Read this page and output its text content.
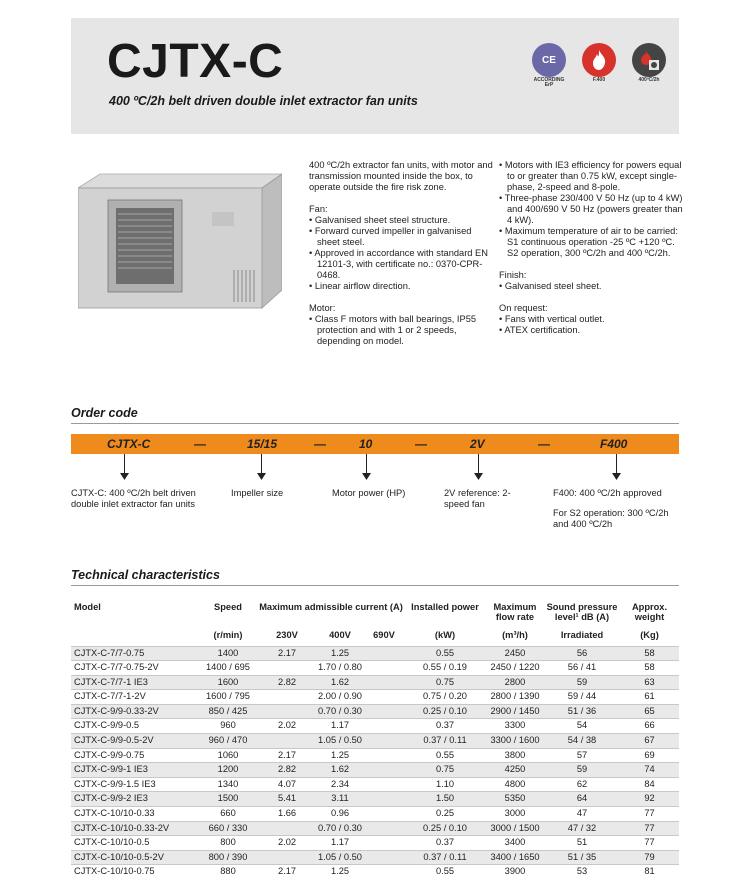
CJTX-C
400 ºC/2h belt driven double inlet extractor fan units
CE
ACCORDING ErP
F.400	400ºC/2h

400 ºC/2h extractor fan units, with motor and transmission mounted inside the box, to operate outside the fire risk zone.

Fan:
• Galvanised sheet steel structure.
• Forward curved impeller in galvanised sheet steel.
• Approved in accordance with standard EN 12101-3, with certificate no.: 0370-CPR-0468.
• Linear airflow direction.
Motor:
• Class F motors with ball bearings, IP55 protection and with 1 or 2 speeds, depending on model.
• Motors with IE3 efficiency for powers equal to or greater than 0.75 kW, except single-phase, 2-speed and 8-pole.
• Three-phase 230/400 V 50 Hz (up to 4 kW) and 400/690 V 50 Hz (powers greater than 4 kW).
• Maximum temperature of air to be carried: S1 continuous operation -25 ºC +120 ºC. S2 operation, 300 ºC/2h and 400 ºC/2h.
Finish:
• Galvanised steel sheet.
On request:
• Fans with vertical outlet.
• ATEX certification.
Order code
CJTX-C	—	15/15	—	10	—	2V	—	F400
CJTX-C: 400 ºC/2h belt driven double inlet extractor fan units
Impeller size	Motor power (HP)	2V reference: 2-speed fan
F400: 400 ºC/2h approved
For S2 operation: 300 ºC/2h and 400 ºC/2h
Technical characteristics
Model	Speed	Maximum admissible current (A)			Installed power	Maximum flow rate	Sound pressure level¹ dB (A)	Approx. weight
	(r/min)	230V	400V	690V	(kW)	(m³/h)	Irradiated	(Kg)
CJTX-C-7/7-0.75	1400	2.17	1.25		0.55	2450	56	58
CJTX-C-7/7-0.75-2V	1400 / 695		1.70 / 0.80		0.55 / 0.19	2450 / 1220	56 / 41	58
CJTX-C-7/7-1 IE3	1600	2.82	1.62		0.75	2800	59	63
CJTX-C-7/7-1-2V	1600 / 795		2.00 / 0.90		0.75 / 0.20	2800 / 1390	59 / 44	61
CJTX-C-9/9-0.33-2V	850 / 425		0.70 / 0.30		0.25 / 0.10	2900 / 1450	51 / 36	65
CJTX-C-9/9-0.5	960	2.02	1.17		0.37	3300	54	66
CJTX-C-9/9-0.5-2V	960 / 470		1.05 / 0.50		0.37 / 0.11	3300 / 1600	54 / 38	67
CJTX-C-9/9-0.75	1060	2.17	1.25		0.55	3800	57	69
CJTX-C-9/9-1 IE3	1200	2.82	1.62		0.75	4250	59	74
CJTX-C-9/9-1.5 IE3	1340	4.07	2.34		1.10	4800	62	84
CJTX-C-9/9-2 IE3	1500	5.41	3.11		1.50	5350	64	92
CJTX-C-10/10-0.33	660	1.66	0.96		0.25	3000	47	77
CJTX-C-10/10-0.33-2V	660 / 330		0.70 / 0.30		0.25 / 0.10	3000 / 1500	47 / 32	77
CJTX-C-10/10-0.5	800	2.02	1.17		0.37	3400	51	77
CJTX-C-10/10-0.5-2V	800 / 390		1.05 / 0.50		0.37 / 0.11	3400 / 1650	51 / 35	79
CJTX-C-10/10-0.75	880	2.17	1.25		0.55	3900	53	81
